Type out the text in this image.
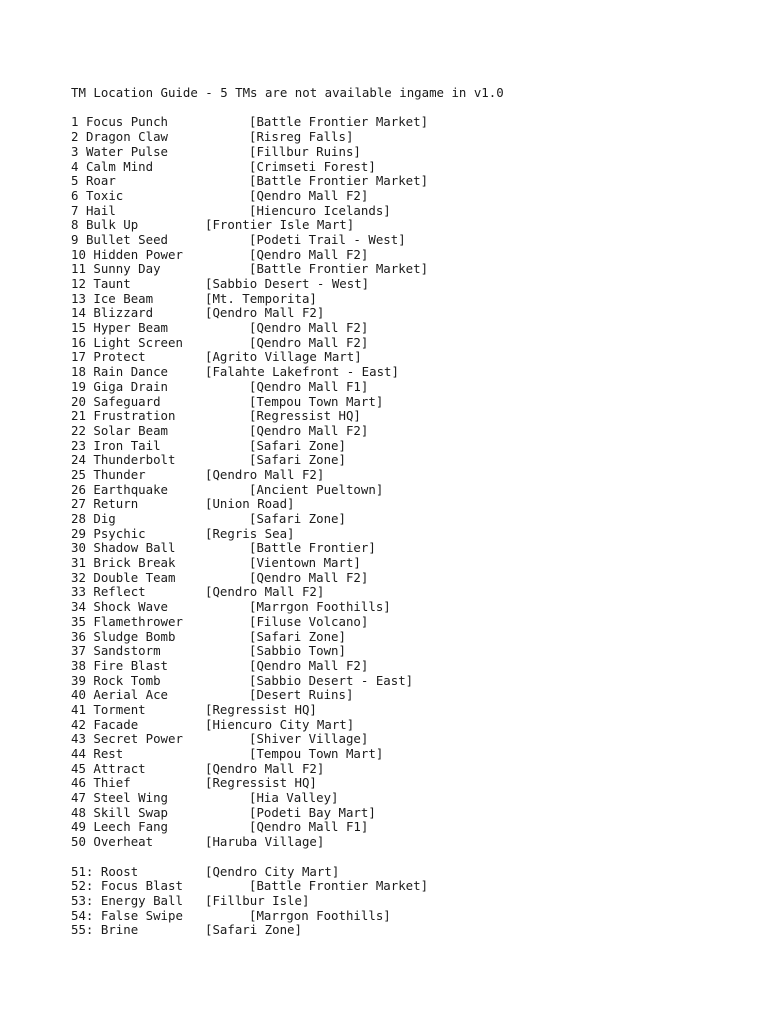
TM Location Guide - 5 TMs are not available ingame in v1.0
1 Focus Punch	[Battle Frontier Market]
2 Dragon Claw	[Risreg Falls]
3 Water Pulse	[Fillbur Ruins]
4 Calm Mind	[Crimseti Forest]
5 Roar	[Battle Frontier Market]
6 Toxic	[Qendro Mall F2]
7 Hail	[Hiencuro Icelands]
8 Bulk Up	[Frontier Isle Mart]
9 Bullet Seed	[Podeti Trail - West]
10 Hidden Power	[Qendro Mall F2]
11 Sunny Day	[Battle Frontier Market]
12 Taunt	[Sabbio Desert - West]
13 Ice Beam	[Mt. Temporita]
14 Blizzard	[Qendro Mall F2]
15 Hyper Beam	[Qendro Mall F2]
16 Light Screen	[Qendro Mall F2]
17 Protect	[Agrito Village Mart]
18 Rain Dance	[Falahte Lakefront - East]
19 Giga Drain	[Qendro Mall F1]
20 Safeguard	[Tempou Town Mart]
21 Frustration	[Regressist HQ]
22 Solar Beam	[Qendro Mall F2]
23 Iron Tail	[Safari Zone]
24 Thunderbolt	[Safari Zone]
25 Thunder	[Qendro Mall F2]
26 Earthquake	[Ancient Pueltown]
27 Return	[Union Road]
28 Dig	[Safari Zone]
29 Psychic	[Regris Sea]
30 Shadow Ball	[Battle Frontier]
31 Brick Break	[Vientown Mart]
32 Double Team	[Qendro Mall F2]
33 Reflect	[Qendro Mall F2]
34 Shock Wave	[Marrgon Foothills]
35 Flamethrower	[Filuse Volcano]
36 Sludge Bomb	[Safari Zone]
37 Sandstorm	[Sabbio Town]
38 Fire Blast	[Qendro Mall F2]
39 Rock Tomb	[Sabbio Desert - East]
40 Aerial Ace	[Desert Ruins]
41 Torment	[Regressist HQ]
42 Facade	[Hiencuro City Mart]
43 Secret Power	[Shiver Village]
44 Rest	[Tempou Town Mart]
45 Attract	[Qendro Mall F2]
46 Thief	[Regressist HQ]
47 Steel Wing	[Hia Valley]
48 Skill Swap	[Podeti Bay Mart]
49 Leech Fang	[Qendro Mall F1]
50 Overheat	[Haruba Village]
51: Roost	[Qendro City Mart]
52: Focus Blast	[Battle Frontier Market]
53: Energy Ball [Fillbur Isle]
54: False Swipe	[Marrgon Foothills]
55: Brine	[Safari Zone]
